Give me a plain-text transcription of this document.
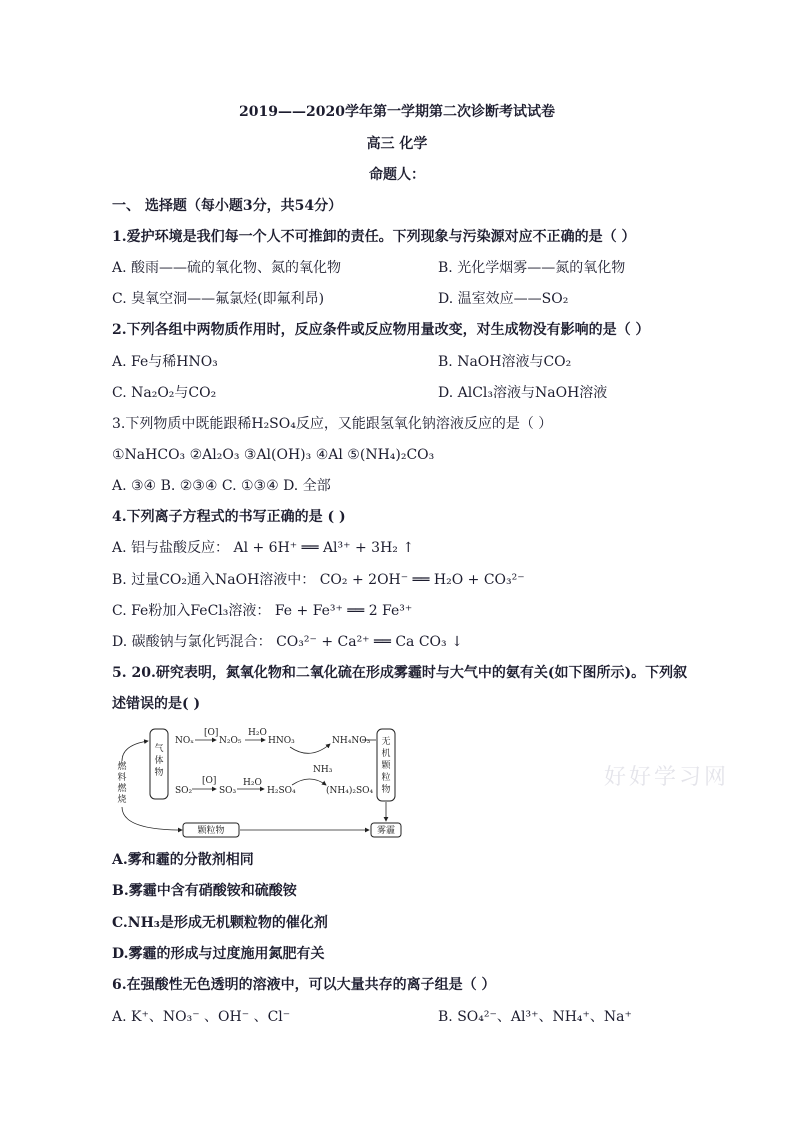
2019——2020学年第一学期第二次诊断考试试卷
高三 化学
命题人：
一、 选择题（每小题3分，共54分）
1.爱护环境是我们每一个人不可推卸的责任。下列现象与污染源对应不正确的是（ ）
A. 酸雨——硫的氧化物、氮的氧化物	B. 光化学烟雾——氮的氧化物
C. 臭氧空洞——氟氯烃(即氟利昂)	D. 温室效应——SO₂
2.下列各组中两物质作用时，反应条件或反应物用量改变，对生成物没有影响的是（ ）
A. Fe与稀HNO₃	B. NaOH溶液与CO₂
C. Na₂O₂与CO₂	D. AlCl₃溶液与NaOH溶液
3.下列物质中既能跟稀H₂SO₄反应，又能跟氢氧化钠溶液反应的是（ ）
①NaHCO₃ ②Al₂O₃ ③Al(OH)₃ ④Al ⑤(NH₄)₂CO₃
A. ③④ B. ②③④ C. ①③④ D. 全部
4.下列离子方程式的书写正确的是 ( )
A. 铝与盐酸反应： Al + 6H⁺ ══ Al³⁺ + 3H₂ ↑
B. 过量CO₂通入NaOH溶液中： CO₂ + 2OH⁻ ══ H₂O + CO₃²⁻
C. Fe粉加入FeCl₃溶液： Fe + Fe³⁺ ══ 2 Fe³⁺
D. 碳酸钠与氯化钙混合： CO₃²⁻ + Ca²⁺ ══ Ca CO₃ ↓
5. 20.研究表明，氮氧化物和二氧化硫在形成雾霾时与大气中的氨有关(如下图所示)。下列叙
述错误的是( )
气
体
物
无
机
颗
粒
物
燃
料
燃
烧
NOₓ
[O]
N₂O₅
H₂O
HNO₃	NH₄NO₃
NH₃
[O]	H₂O
SO₂	SO₃	H₂SO₄	(NH₄)₂SO₄
颗粒物	雾霾
A.雾和霾的分散剂相同
B.雾霾中含有硝酸铵和硫酸铵
C.NH₃是形成无机颗粒物的催化剂
D.雾霾的形成与过度施用氮肥有关
6.在强酸性无色透明的溶液中，可以大量共存的离子组是（ ）
A. K⁺、NO₃⁻ 、OH⁻ 、Cl⁻	B. SO₄²⁻、Al³⁺、NH₄⁺、Na⁺
好好学习网
